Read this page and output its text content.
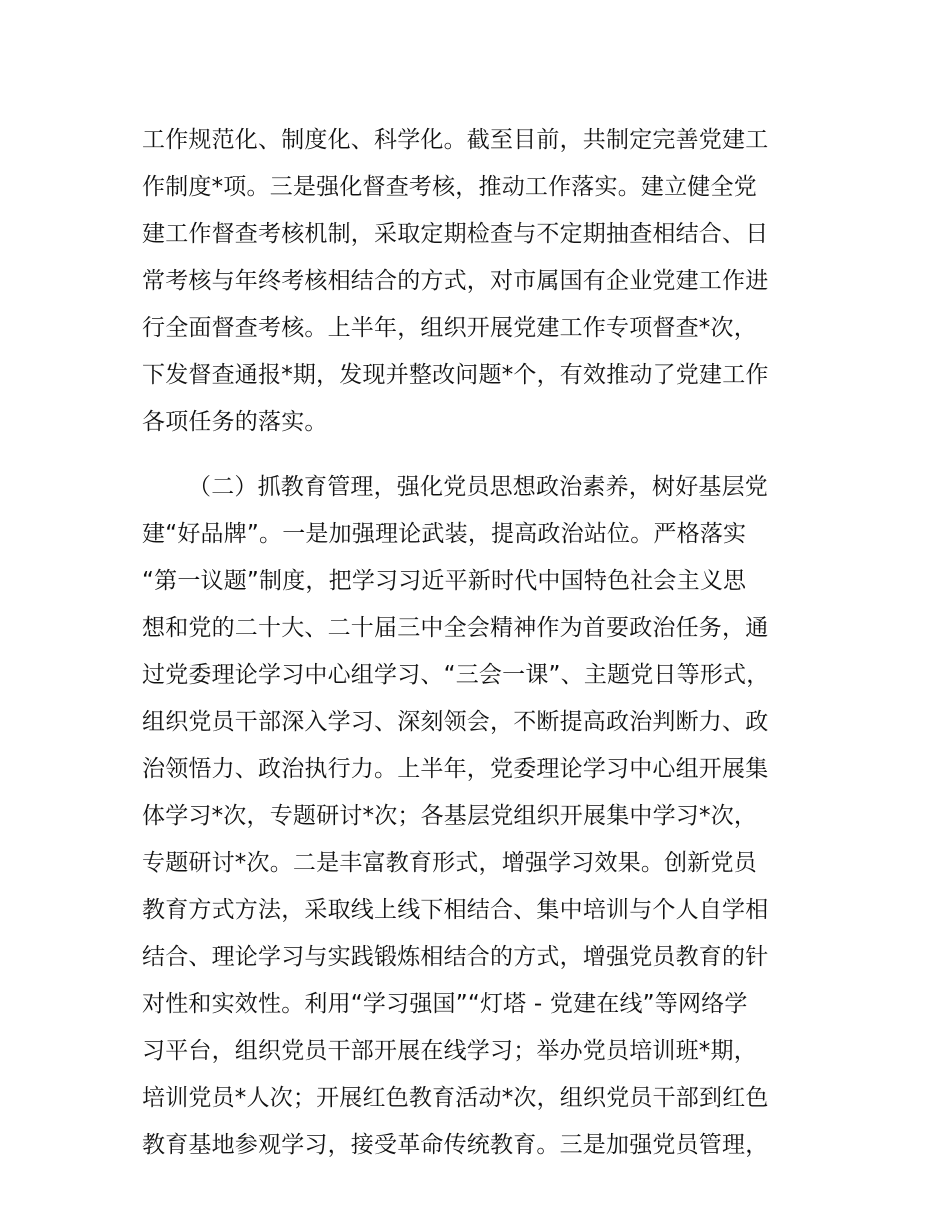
工作规范化、制度化、科学化。截至目前，共制定完善党建工
作制度*项。三是强化督查考核，推动工作落实。建立健全党
建工作督查考核机制，采取定期检查与不定期抽查相结合、日
常考核与年终考核相结合的方式，对市属国有企业党建工作进
行全面督查考核。上半年，组织开展党建工作专项督查*次，
下发督查通报*期，发现并整改问题*个，有效推动了党建工作
各项任务的落实。
（二）抓教育管理，强化党员思想政治素养，树好基层党
建“好品牌”。一是加强理论武装，提高政治站位。严格落实
“第一议题”制度，把学习习近平新时代中国特色社会主义思
想和党的二十大、二十届三中全会精神作为首要政治任务，通
过党委理论学习中心组学习、“三会一课”、主题党日等形式，
组织党员干部深入学习、深刻领会，不断提高政治判断力、政
治领悟力、政治执行力。上半年，党委理论学习中心组开展集
体学习*次，专题研讨*次；各基层党组织开展集中学习*次，
专题研讨*次。二是丰富教育形式，增强学习效果。创新党员
教育方式方法，采取线上线下相结合、集中培训与个人自学相
结合、理论学习与实践锻炼相结合的方式，增强党员教育的针
对性和实效性。利用“学习强国”“灯塔 - 党建在线”等网络学
习平台，组织党员干部开展在线学习；举办党员培训班*期，
培训党员*人次；开展红色教育活动*次，组织党员干部到红色
教育基地参观学习，接受革命传统教育。三是加强党员管理，
